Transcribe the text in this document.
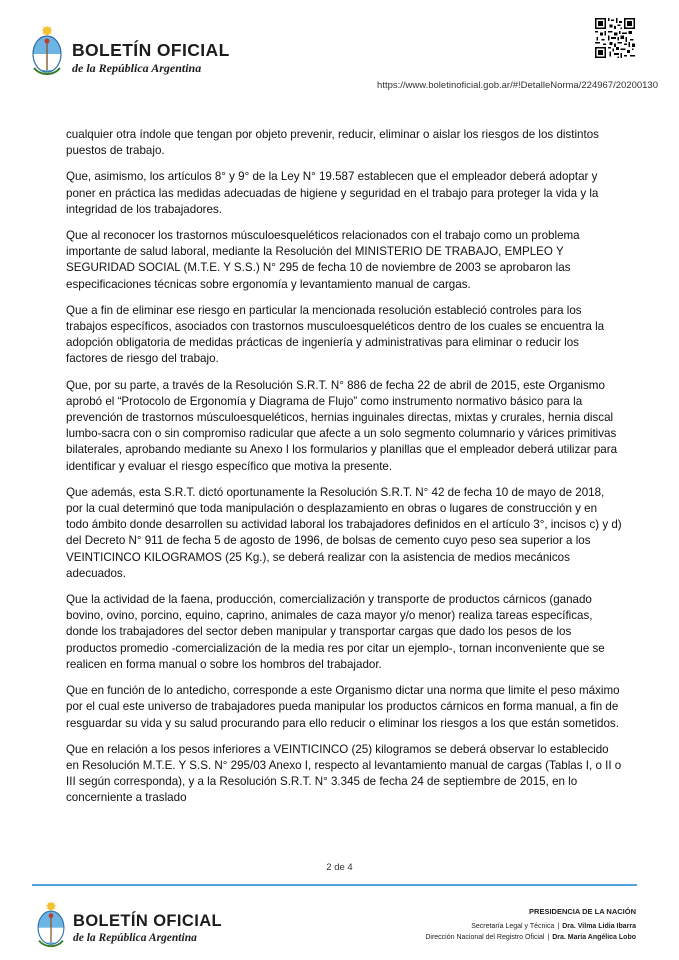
BOLETÍN OFICIAL
de la República Argentina
https://www.boletinoficial.gob.ar/#!DetalleNorma/224967/20200130

cualquier otra índole que tengan por objeto prevenir, reducir, eliminar o aislar los riesgos de los distintos puestos de trabajo.

Que, asimismo, los artículos 8° y 9° de la Ley N° 19.587 establecen que el empleador deberá adoptar y poner en práctica las medidas adecuadas de higiene y seguridad en el trabajo para proteger la vida y la integridad de los trabajadores.

Que al reconocer los trastornos músculoesqueléticos relacionados con el trabajo como un problema importante de salud laboral, mediante la Resolución del MINISTERIO DE TRABAJO, EMPLEO Y SEGURIDAD SOCIAL (M.T.E. Y S.S.) N° 295 de fecha 10 de noviembre de 2003 se aprobaron las especificaciones técnicas sobre ergonomía y levantamiento manual de cargas.

Que a fin de eliminar ese riesgo en particular la mencionada resolución estableció controles para los trabajos específicos, asociados con trastornos musculoesqueléticos dentro de los cuales se encuentra la adopción obligatoria de medidas prácticas de ingeniería y administrativas para eliminar o reducir los factores de riesgo del trabajo.

Que, por su parte, a través de la Resolución S.R.T. N° 886 de fecha 22 de abril de 2015, este Organismo aprobó el “Protocolo de Ergonomía y Diagrama de Flujo” como instrumento normativo básico para la prevención de trastornos músculoesqueléticos, hernias inguinales directas, mixtas y crurales, hernia discal lumbo-sacra con o sin compromiso radicular que afecte a un solo segmento columnario y várices primitivas bilaterales, aprobando mediante su Anexo I los formularios y planillas que el empleador deberá utilizar para identificar y evaluar el riesgo específico que motiva la presente.

Que además, esta S.R.T. dictó oportunamente la Resolución S.R.T. N° 42 de fecha 10 de mayo de 2018, por la cual determinó que toda manipulación o desplazamiento en obras o lugares de construcción y en todo ámbito donde desarrollen su actividad laboral los trabajadores definidos en el artículo 3°, incisos c) y d) del Decreto N° 911 de fecha 5 de agosto de 1996, de bolsas de cemento cuyo peso sea superior a los VEINTICINCO KILOGRAMOS (25 Kg.), se deberá realizar con la asistencia de medios mecánicos adecuados.

Que la actividad de la faena, producción, comercialización y transporte de productos cárnicos (ganado bovino, ovino, porcino, equino, caprino, animales de caza mayor y/o menor) realiza tareas específicas, donde los trabajadores del sector deben manipular y transportar cargas que dado los pesos de los productos promedio -comercialización de la media res por citar un ejemplo-, tornan inconveniente que se realicen en forma manual o sobre los hombros del trabajador.

Que en función de lo antedicho, corresponde a este Organismo dictar una norma que limite el peso máximo por el cual este universo de trabajadores pueda manipular los productos cárnicos en forma manual, a fin de resguardar su vida y su salud procurando para ello reducir o eliminar los riesgos a los que están sometidos.

Que en relación a los pesos inferiores a VEINTICINCO (25) kilogramos se deberá observar lo establecido en Resolución M.T.E. Y S.S. N° 295/03 Anexo I, respecto al levantamiento manual de cargas (Tablas I, o II o III según corresponda), y a la Resolución S.R.T. N° 3.345 de fecha 24 de septiembre de 2015, en lo concerniente a traslado

2 de 4
BOLETÍN OFICIAL
de la República Argentina
PRESIDENCIA DE LA NACIÓN
Secretaría Legal y Técnica | Dra. Vilma Lidia Ibarra
Dirección Nacional del Registro Oficial | Dra. María Angélica Lobo
